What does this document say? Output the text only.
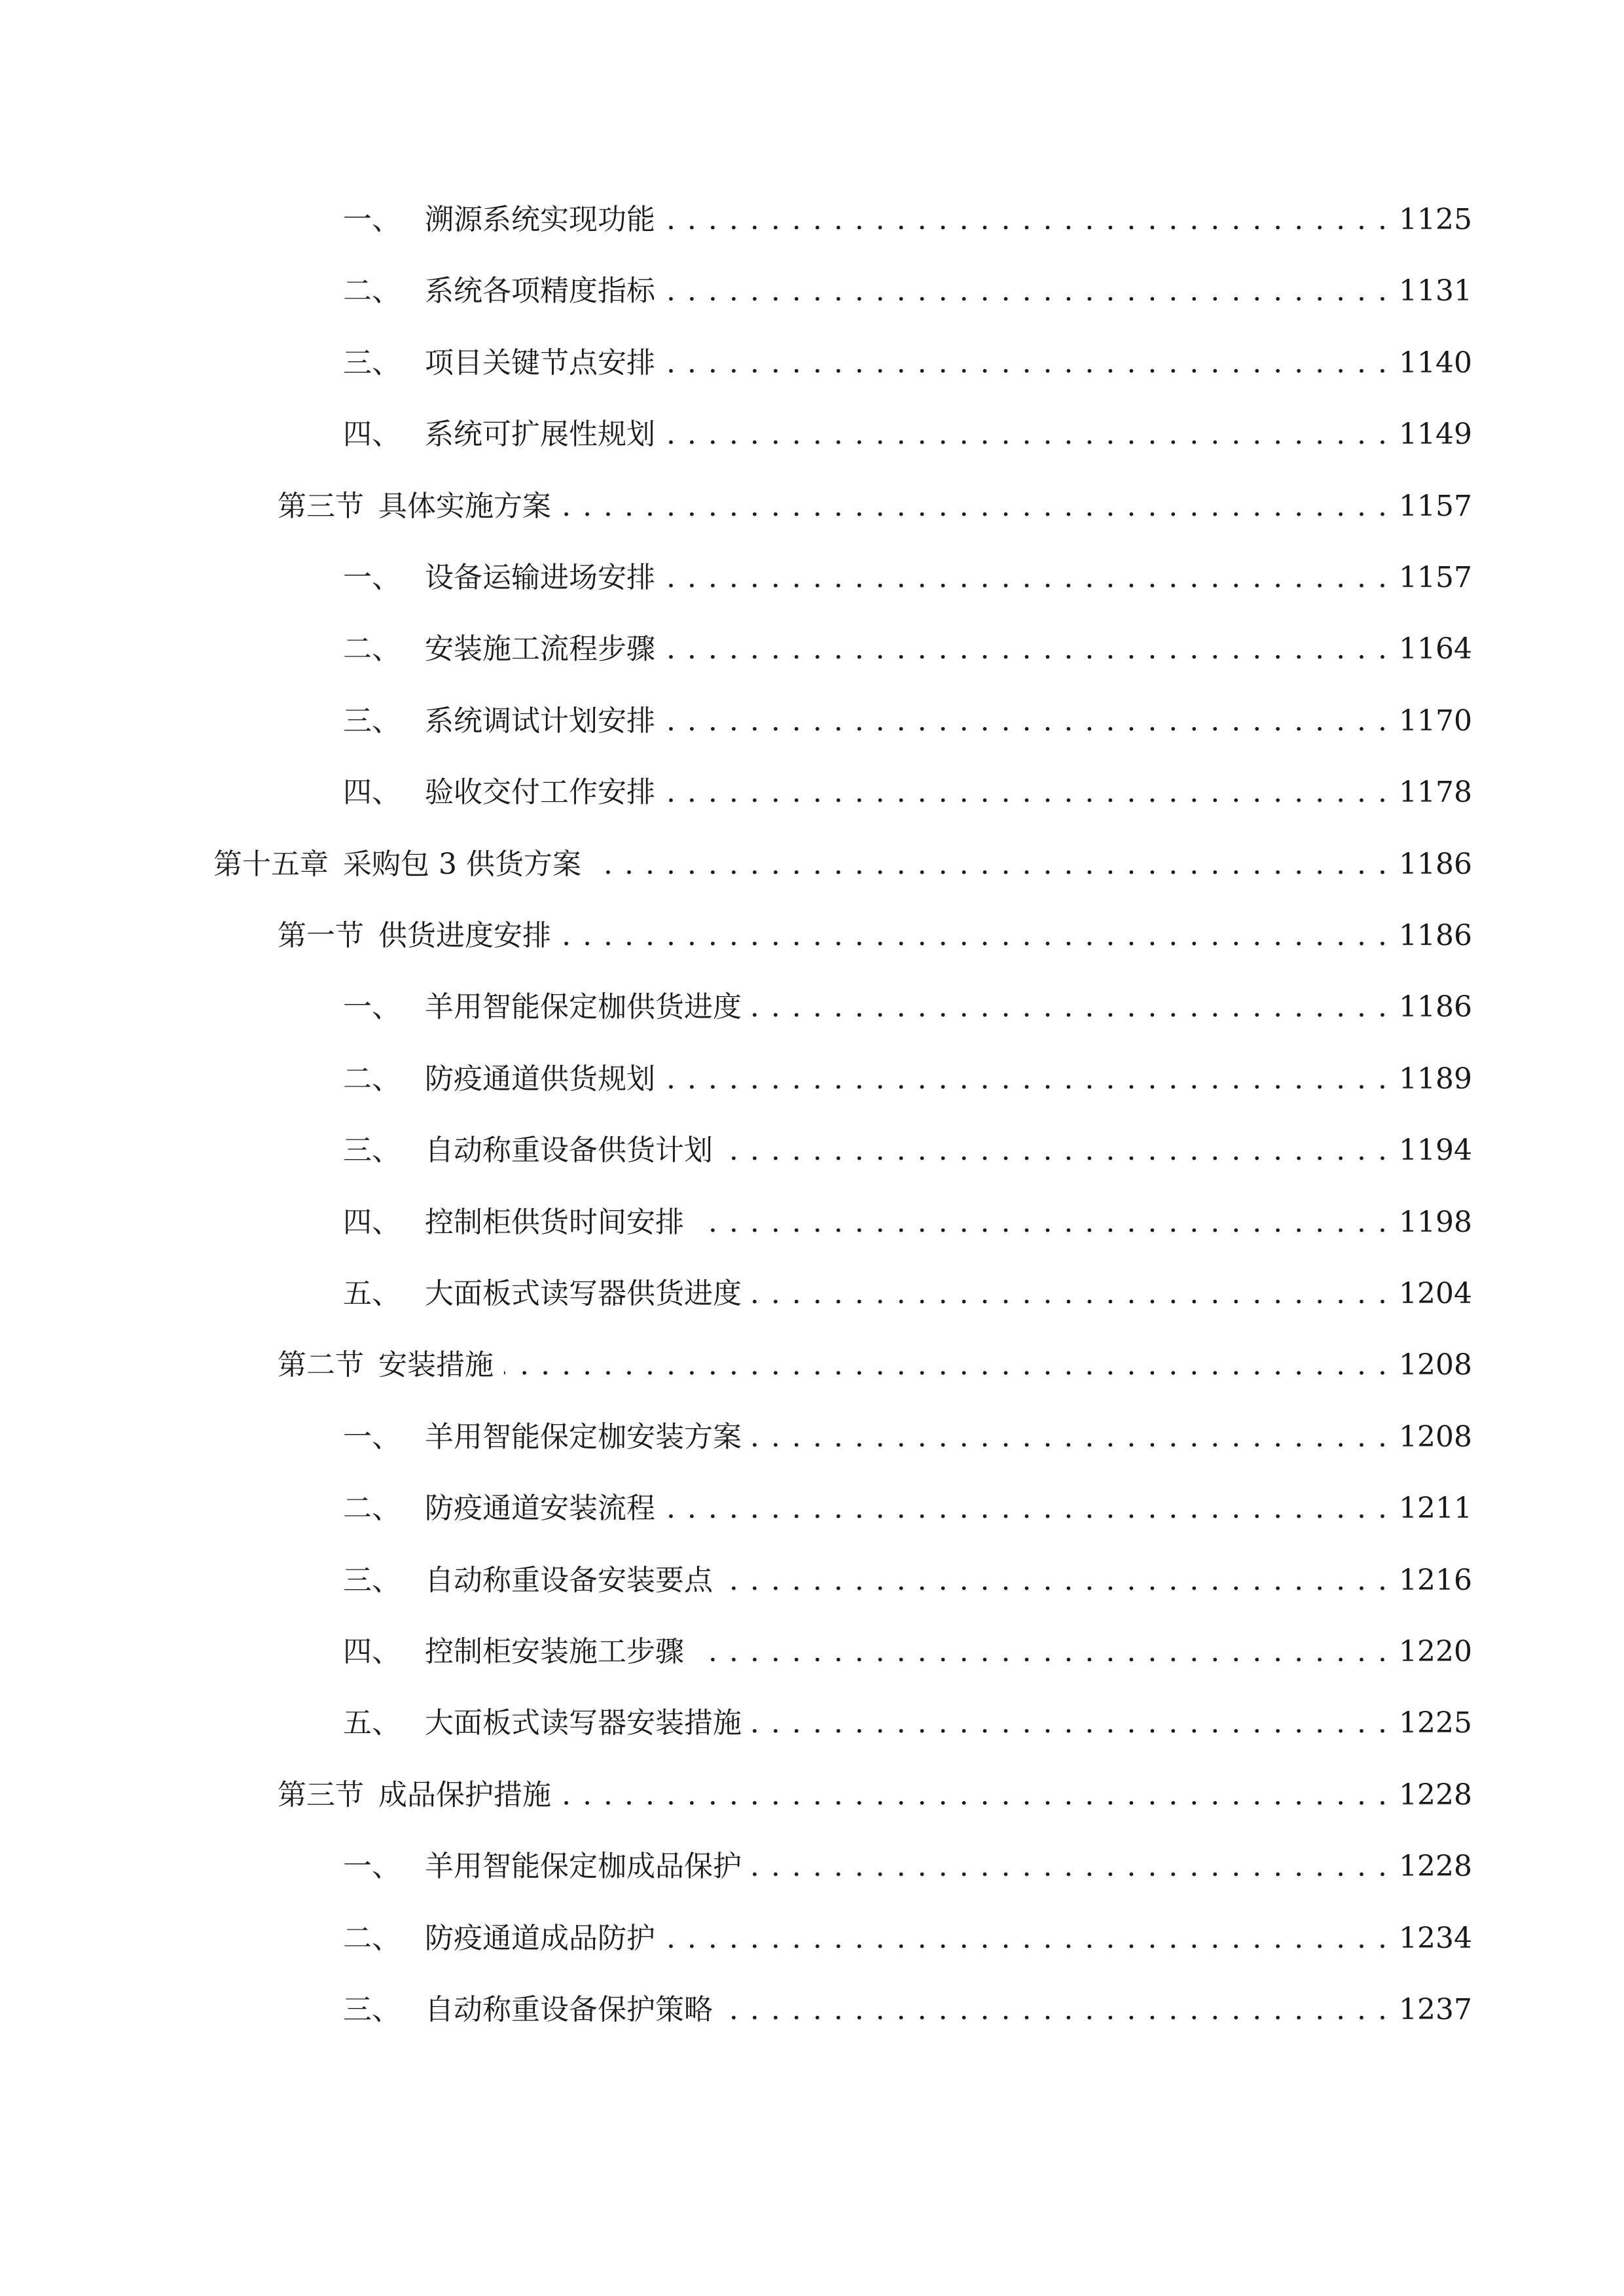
一、 溯源系统实现功能 . . .	1125
二、 系统各项精度指标 . . .	1131
三、 项目关键节点安排 . . .	1140
四、 系统可扩展性规划 . . .	1149
第三节 具体实施方案 . . .	1157
一、 设备运输进场安排 . . .	1157
二、 安装施工流程步骤 . . .	1164
三、 系统调试计划安排 . . .	1170
四、 验收交付工作安排 . . .	1178
第十五章 采购包 3 供货方案 . . .	1186
第一节 供货进度安排 . . .	1186
一、 羊用智能保定枷供货进度 . . .	1186
二、 防疫通道供货规划 . . .	1189
三、 自动称重设备供货计划 . . .	1194
四、 控制柜供货时间安排 . . .	1198
五、 大面板式读写器供货进度 . . .	1204
第二节 安装措施 . . .	1208
一、 羊用智能保定枷安装方案 . . .	1208
二、 防疫通道安装流程 . . .	1211
三、 自动称重设备安装要点 . . .	1216
四、 控制柜安装施工步骤 . . .	1220
五、 大面板式读写器安装措施 . . .	1225
第三节 成品保护措施 . . .	1228
一、 羊用智能保定枷成品保护 . . .	1228
二、 防疫通道成品防护 . . .	1234
三、 自动称重设备保护策略 . . .	1237
